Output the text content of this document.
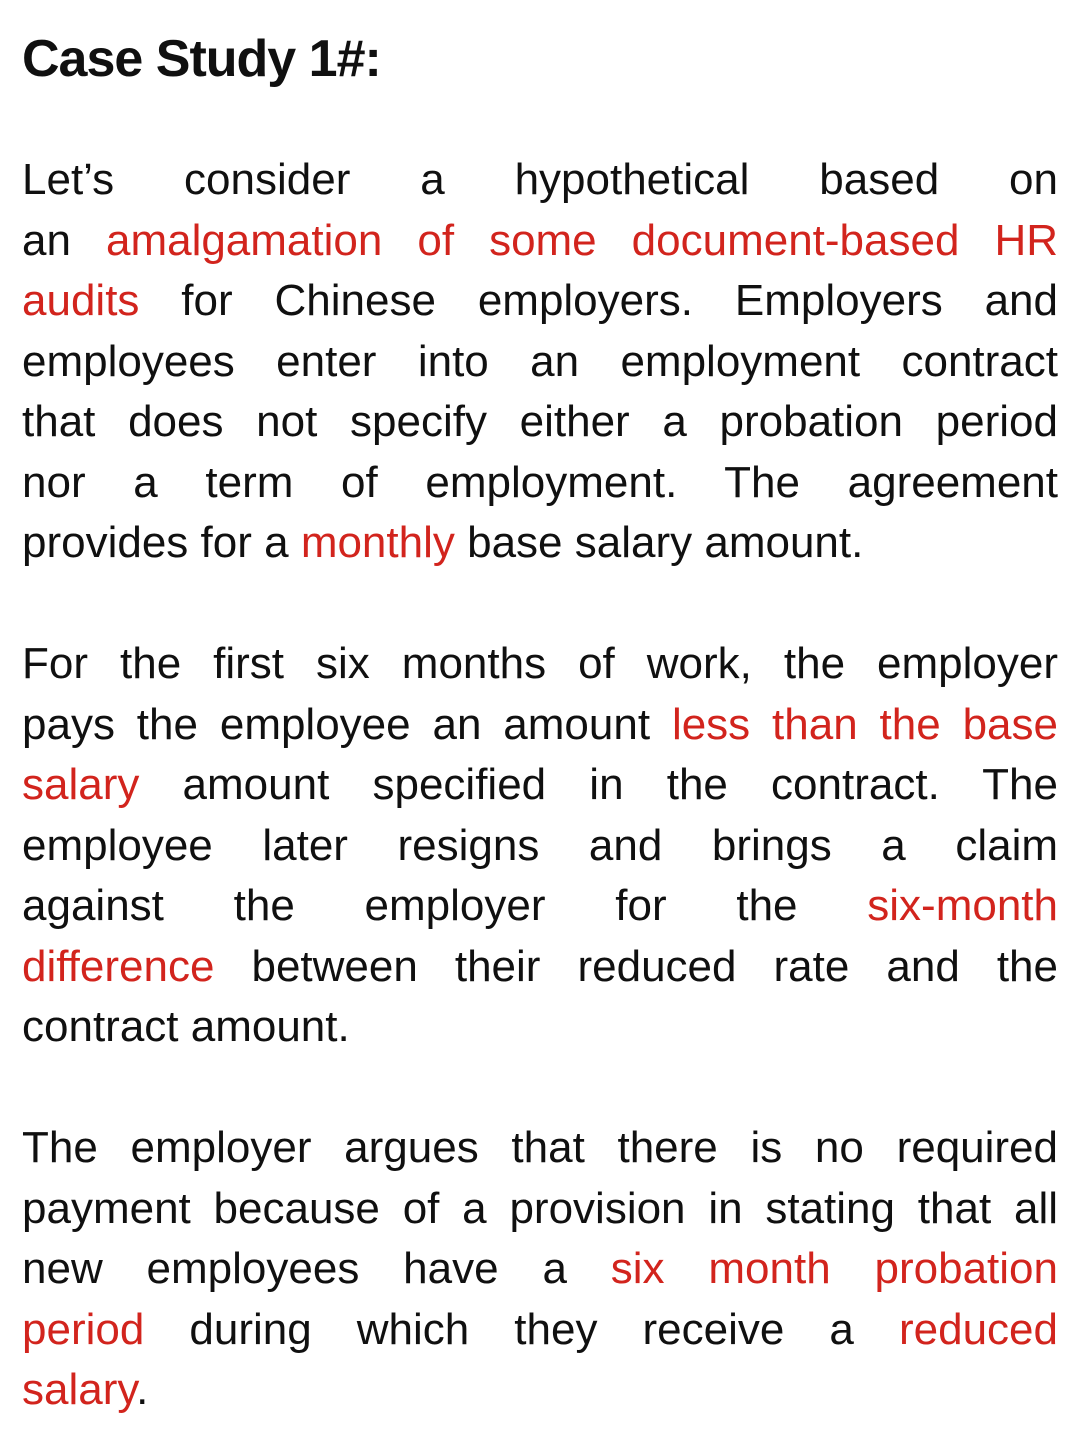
Case Study 1#:
Let’s consider a hypothetical based on
an amalgamation of some document-based HR
audits for Chinese employers. Employers and
employees enter into an employment contract
that does not specify either a probation period
nor a term of employment. The agreement
provides for a monthly base salary amount.
For the first six months of work, the employer
pays the employee an amount less than the base
salary amount specified in the contract. The
employee later resigns and brings a claim
against the employer for the six-month
difference between their reduced rate and the
contract amount.
The employer argues that there is no required
payment because of a provision in stating that all
new employees have a six month probation
period during which they receive a reduced
salary.
